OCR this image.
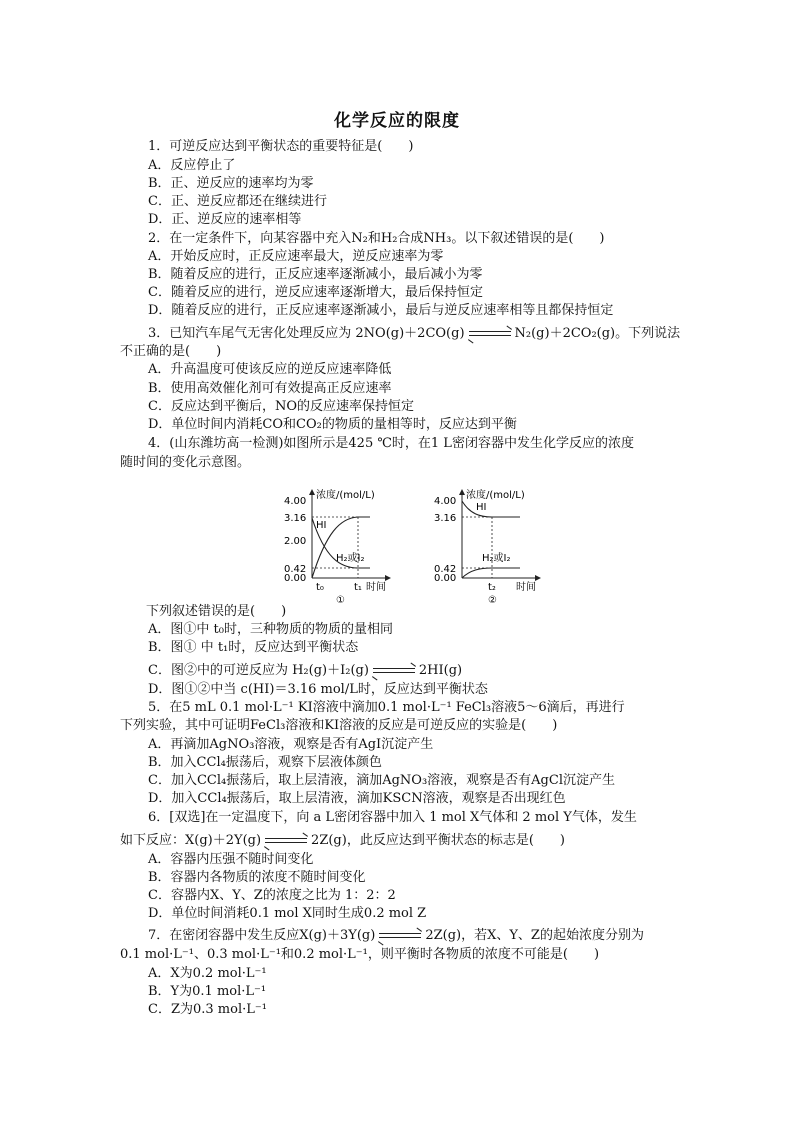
化学反应的限度
1．可逆反应达到平衡状态的重要特征是(　　)
A．反应停止了
B．正、逆反应的速率均为零
C．正、逆反应都还在继续进行
D．正、逆反应的速率相等
2．在一定条件下，向某容器中充入N₂和H₂合成NH₃。以下叙述错误的是(　　)
A．开始反应时，正反应速率最大，逆反应速率为零
B．随着反应的进行，正反应速率逐渐减小，最后减小为零
C．随着反应的进行，逆反应速率逐渐增大，最后保持恒定
D．随着反应的进行，正反应速率逐渐减小，最后与逆反应速率相等且都保持恒定
3．已知汽车尾气无害化处理反应为 2NO(g)＋2CO(g) → N₂(g)＋2CO₂(g)。下列说法
不正确的是(　　)
A．升高温度可使该反应的逆反应速率降低
B．使用高效催化剂可有效提高正反应速率
C．反应达到平衡后，NO的反应速率保持恒定
D．单位时间内消耗CO和CO₂的物质的量相等时，反应达到平衡
4．(山东潍坊高一检测)如图所示是425 ℃时，在1 L密闭容器中发生化学反应的浓度
随时间的变化示意图。
浓度/(mol/L)
4.00
3.16
2.00
0.42
0.00
HI
H₂或I₂
t₀	t₁ 时间
①
浓度/(mol/L)
4.00
3.16
0.42
0.00
HI
H₂或I₂
t₂ 时间
②
下列叙述错误的是(　　)
A．图①中 t₀时，三种物质的物质的量相同
B．图① 中 t₁时，反应达到平衡状态
C．图②中的可逆反应为 H₂(g)＋I₂(g) → 2HI(g)
D．图①②中当 c(HI)＝3.16 mol/L时，反应达到平衡状态
5．在5 mL 0.1 mol·L⁻¹ KI溶液中滴加0.1 mol·L⁻¹ FeCl₃溶液5～6滴后，再进行
下列实验，其中可证明FeCl₃溶液和KI溶液的反应是可逆反应的实验是(　　)
A．再滴加AgNO₃溶液，观察是否有AgI沉淀产生
B．加入CCl₄振荡后，观察下层液体颜色
C．加入CCl₄振荡后，取上层清液，滴加AgNO₃溶液，观察是否有AgCl沉淀产生
D．加入CCl₄振荡后，取上层清液，滴加KSCN溶液，观察是否出现红色
6．[双选]在一定温度下，向 a L密闭容器中加入 1 mol X气体和 2 mol Y气体，发生
如下反应：X(g)＋2Y(g) → 2Z(g)，此反应达到平衡状态的标志是(　　)
A．容器内压强不随时间变化
B．容器内各物质的浓度不随时间变化
C．容器内X、Y、Z的浓度之比为 1：2：2
D．单位时间消耗0.1 mol X同时生成0.2 mol Z
7．在密闭容器中发生反应X(g)＋3Y(g) → 2Z(g)，若X、Y、Z的起始浓度分别为
0.1 mol·L⁻¹、0.3 mol·L⁻¹和0.2 mol·L⁻¹，则平衡时各物质的浓度不可能是(　　)
A．X为0.2 mol·L⁻¹
B．Y为0.1 mol·L⁻¹
C．Z为0.3 mol·L⁻¹
